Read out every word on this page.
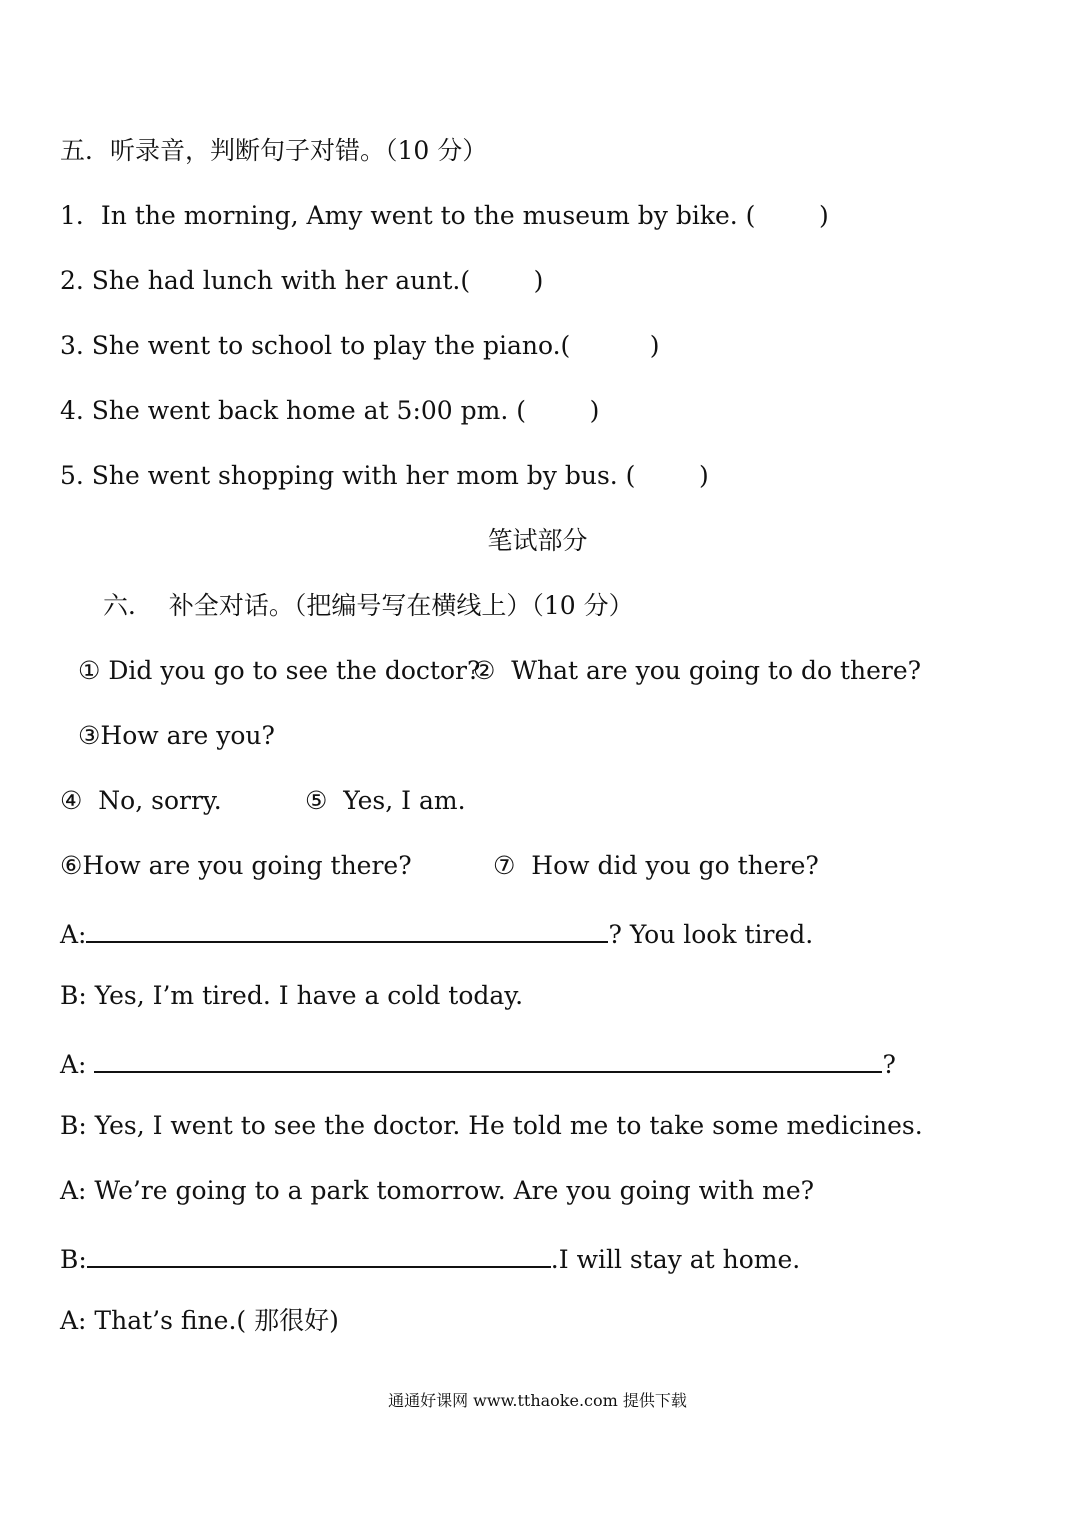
五．听录音，判断句子对错。（10 分）

1．In the morning, Amy went to the museum by bike. (        )

2. She had lunch with her aunt.(        )

3. She went to school to play the piano.(          )

4. She went back home at 5:00 pm. (        )

5. She went shopping with her mom by bus. (        )

笔试部分

六．  补全对话。（把编号写在横线上）（10 分）

① Did you go to see the doctor?

②  What are you going to do there?

③How are you?

④  No, sorry.	⑤  Yes, I am.

⑥How are you going there?	⑦  How did you go there?

A:	? You look tired.

B: Yes, I’m tired. I have a cold today.

A:	?

B: Yes, I went to see the doctor. He told me to take some medicines.

A: We’re going to a park tomorrow. Are you going with me?

B:	.I will stay at home.

A: That’s fine.( 那很好)

通通好课网 www.tthaoke.com 提供下载
